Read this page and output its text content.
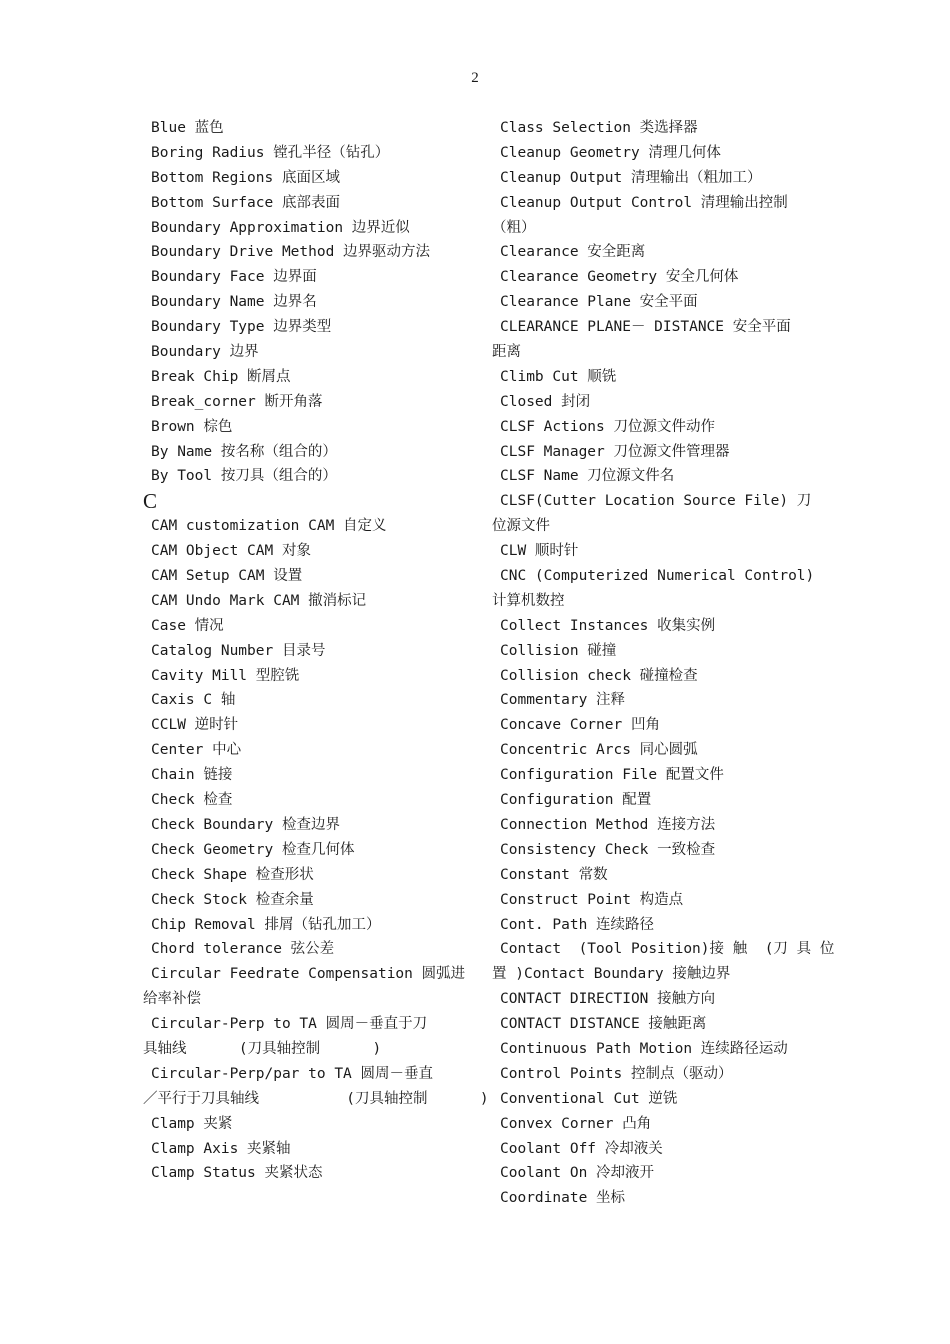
2
Blue 蓝色
Boring Radius 镗孔半径（钻孔）
Bottom Regions 底面区域
Bottom Surface 底部表面
Boundary Approximation 边界近似
Boundary Drive Method 边界驱动方法
Boundary Face 边界面
Boundary Name 边界名
Boundary Type 边界类型
Boundary 边界
Break Chip 断屑点
Break_corner 断开角落
Brown 棕色
By Name 按名称（组合的）
By Tool 按刀具（组合的）
C
CAM customization CAM 自定义
CAM Object CAM 对象
CAM Setup CAM 设置
CAM Undo Mark CAM 撤消标记
Case 情况
Catalog Number 目录号
Cavity Mill 型腔铣
Caxis C 轴
CCLW 逆时针
Center 中心
Chain 链接
Check 检查
Check Boundary 检查边界
Check Geometry 检查几何体
Check Shape 检查形状
Check Stock 检查余量
Chip Removal 排屑（钻孔加工）
Chord tolerance 弦公差
Circular Feedrate Compensation 圆弧进
给率补偿
Circular-Perp to TA 圆周－垂直于刀
具轴线      (刀具轴控制      )
Circular-Perp/par to TA 圆周－垂直
／平行于刀具轴线          (刀具轴控制      )
Clamp 夹紧
Clamp Axis 夹紧轴
Clamp Status 夹紧状态
Class Selection 类选择器
Cleanup Geometry 清理几何体
Cleanup Output 清理输出（粗加工）
Cleanup Output Control 清理输出控制
（粗）
Clearance 安全距离
Clearance Geometry 安全几何体
Clearance Plane 安全平面
CLEARANCE PLANE－ DISTANCE 安全平面
距离
Climb Cut 顺铣
Closed 封闭
CLSF Actions 刀位源文件动作
CLSF Manager 刀位源文件管理器
CLSF Name 刀位源文件名
CLSF(Cutter Location Source File) 刀
位源文件
CLW 顺时针
CNC (Computerized Numerical Control)
计算机数控
Collect Instances 收集实例
Collision 碰撞
Collision check 碰撞检查
Commentary 注释
Concave Corner 凹角
Concentric Arcs 同心圆弧
Configuration File 配置文件
Configuration 配置
Connection Method 连接方法
Consistency Check 一致检查
Constant 常数
Construct Point 构造点
Cont. Path 连续路径
Contact  (Tool Position)接 触  (刀 具 位
置 )Contact Boundary 接触边界
CONTACT DIRECTION 接触方向
CONTACT DISTANCE 接触距离
Continuous Path Motion 连续路径运动
Control Points 控制点（驱动）
Conventional Cut 逆铣
Convex Corner 凸角
Coolant Off 冷却液关
Coolant On 冷却液开
Coordinate 坐标
